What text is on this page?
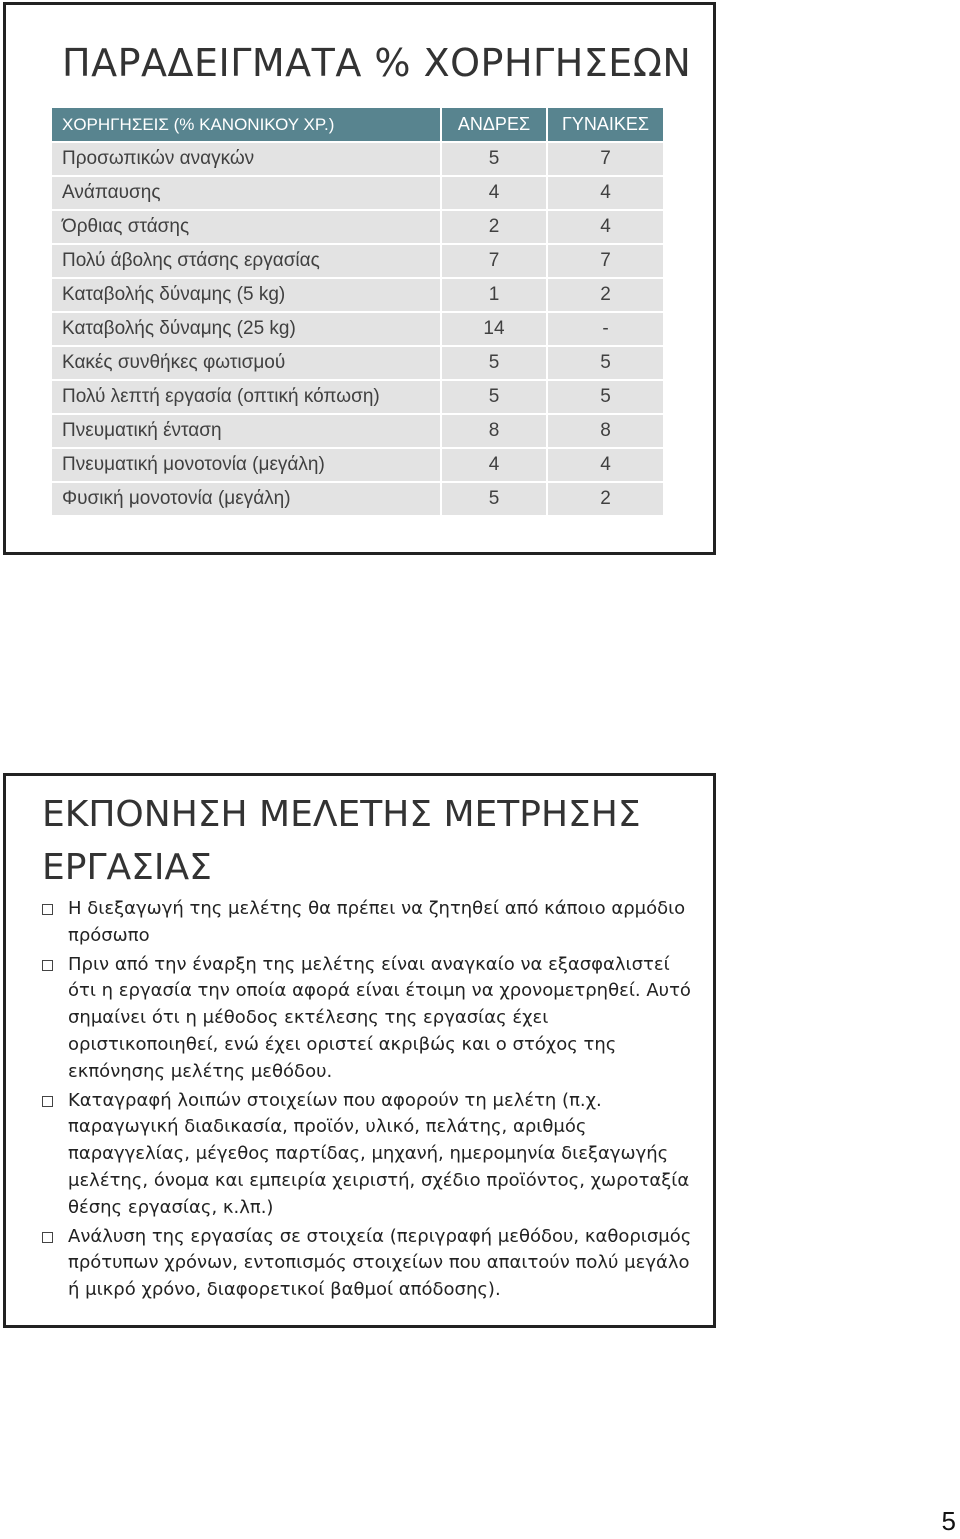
ΠΑΡΑΔΕΙΓΜΑΤΑ % ΧΟΡΗΓΗΣΕΩΝ
ΧΟΡΗΓΗΣΕΙΣ (% ΚΑΝΟΝΙΚΟΥ ΧΡ.)	ΑΝΔΡΕΣ	ΓΥΝΑΙΚΕΣ
Προσωπικών αναγκών	5	7
Ανάπαυσης	4	4
Όρθιας στάσης	2	4
Πολύ άβολης στάσης εργασίας	7	7
Καταβολής δύναμης (5 kg)	1	2
Καταβολής δύναμης (25 kg)	14	-
Κακές συνθήκες φωτισμού	5	5
Πολύ λεπτή εργασία (οπτική κόπωση)	5	5
Πνευματική ένταση	8	8
Πνευματική μονοτονία (μεγάλη)	4	4
Φυσική μονοτονία (μεγάλη)	5	2
ΕΚΠΟΝΗΣΗ ΜΕΛΕΤΗΣ ΜΕΤΡΗΣΗΣ ΕΡΓΑΣΙΑΣ
Η διεξαγωγή της μελέτης θα πρέπει να ζητηθεί από κάποιο αρμόδιο πρόσωπο
Πριν από την έναρξη της μελέτης είναι αναγκαίο να εξασφαλιστεί ότι η εργασία την οποία αφορά είναι έτοιμη να χρονομετρηθεί. Αυτό σημαίνει ότι η μέθοδος εκτέλεσης της εργασίας έχει οριστικοποιηθεί, ενώ έχει οριστεί ακριβώς και ο στόχος της εκπόνησης μελέτης μεθόδου.
Καταγραφή λοιπών στοιχείων που αφορούν τη μελέτη (π.χ. παραγωγική διαδικασία, προϊόν, υλικό, πελάτης, αριθμός παραγγελίας, μέγεθος παρτίδας, μηχανή, ημερομηνία διεξαγωγής μελέτης, όνομα και εμπειρία χειριστή, σχέδιο προϊόντος, χωροταξία θέσης εργασίας, κ.λπ.)
Ανάλυση της εργασίας σε στοιχεία (περιγραφή μεθόδου, καθορισμός πρότυπων χρόνων, εντοπισμός στοιχείων που απαιτούν πολύ μεγάλο ή μικρό χρόνο, διαφορετικοί βαθμοί απόδοσης).
5
